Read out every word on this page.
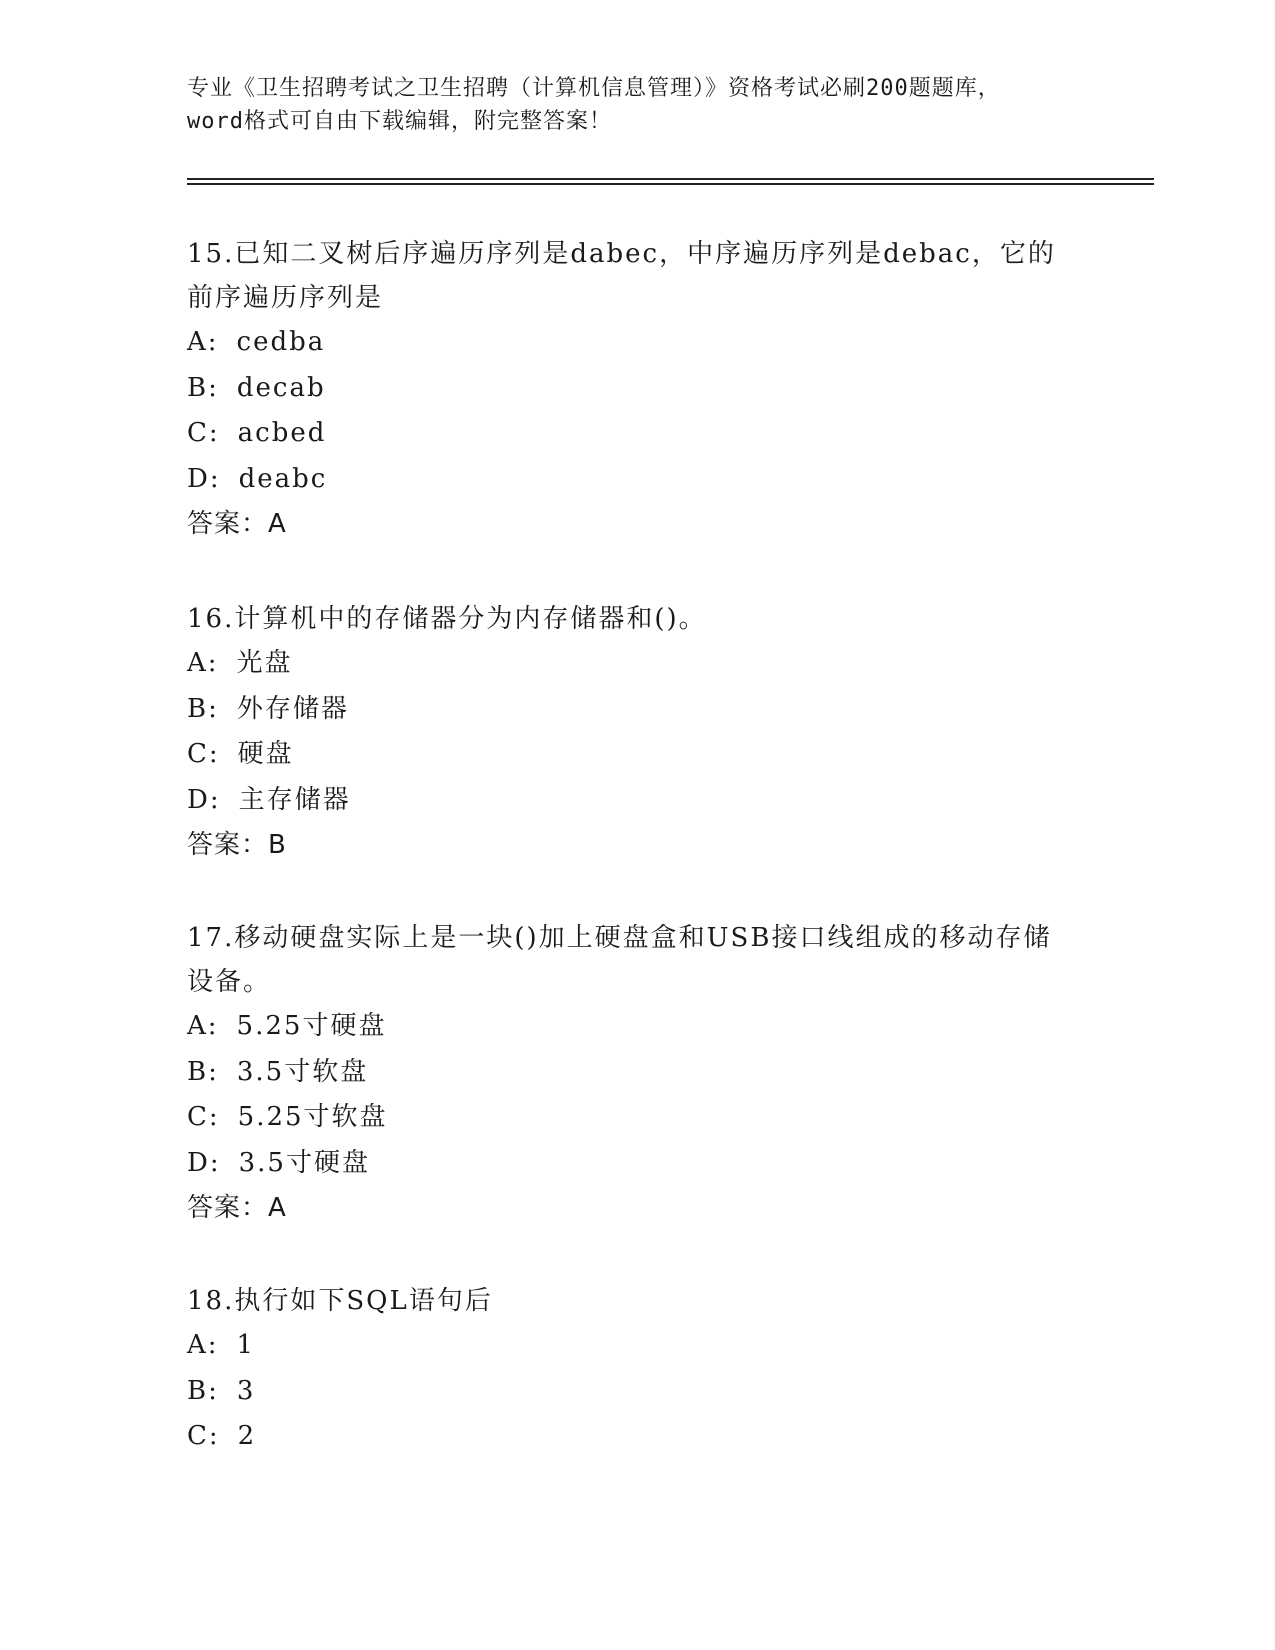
专业《卫生招聘考试之卫生招聘（计算机信息管理）》资格考试必刷200题题库，
word格式可自由下载编辑，附完整答案！

15.已知二叉树后序遍历序列是dabec，中序遍历序列是debac，它的前序遍历序列是

A: cedba
B: decab
C: acbed
D: deabc
答案：A

16.计算机中的存储器分为内存储器和()。

A: 光盘
B: 外存储器
C: 硬盘
D: 主存储器
答案：B

17.移动硬盘实际上是一块()加上硬盘盒和USB接口线组成的移动存储设备。

A: 5.25寸硬盘
B: 3.5寸软盘
C: 5.25寸软盘
D: 3.5寸硬盘
答案：A

18.执行如下SQL语句后

A: 1
B: 3
C: 2
